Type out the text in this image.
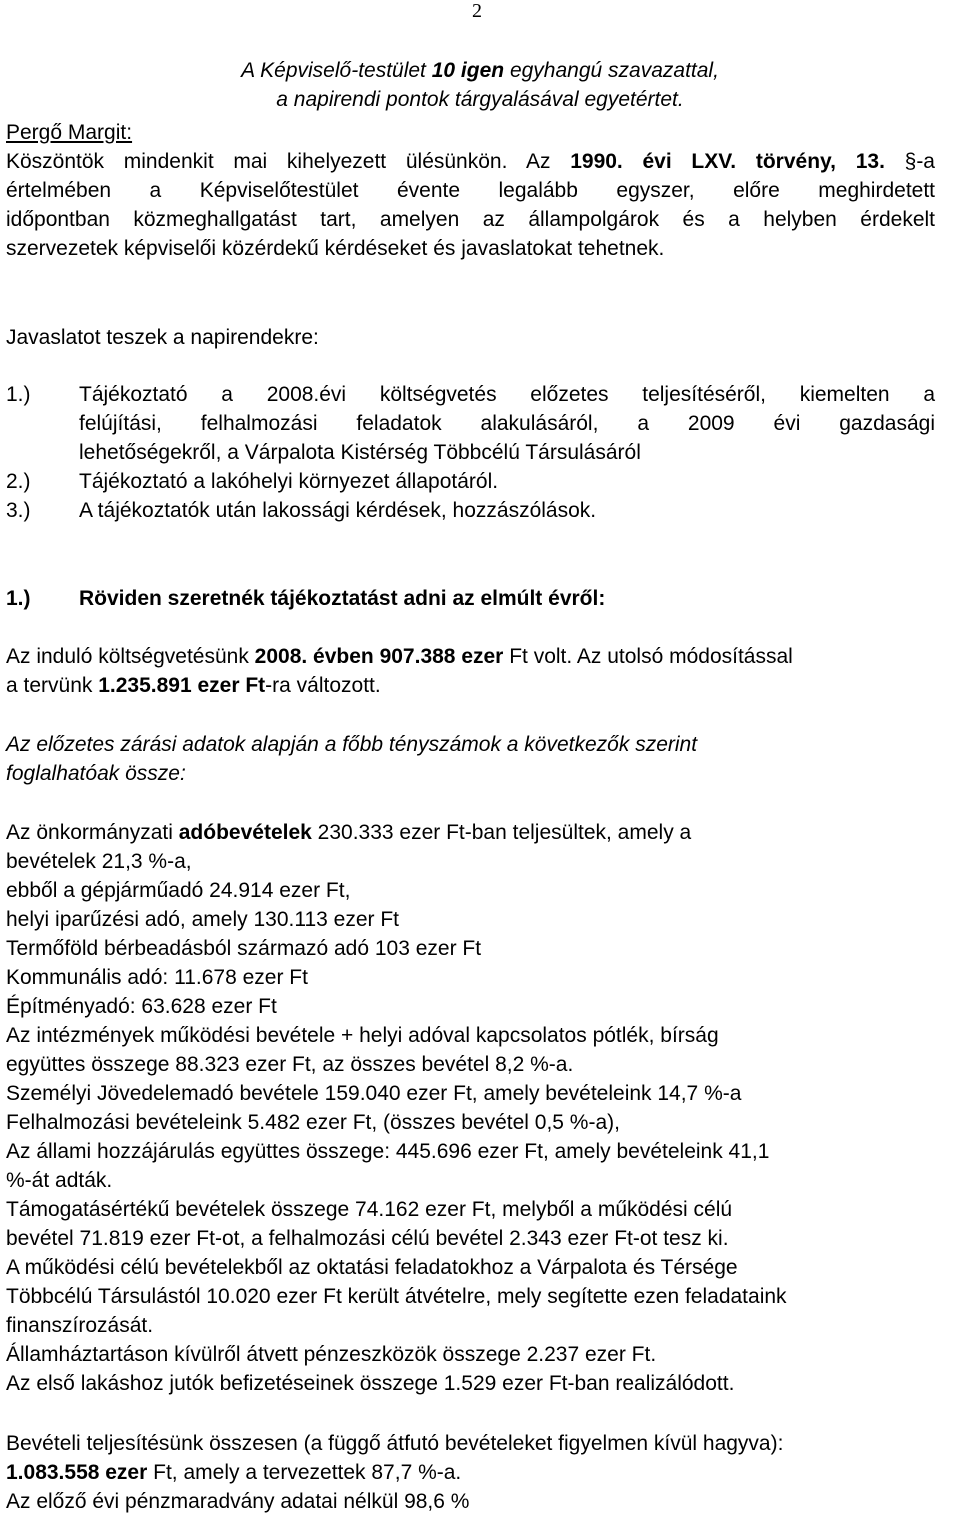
2
A Képviselő-testület 10 igen egyhangú szavazattal,
a napirendi pontok tárgyalásával egyetértet.
Pergő Margit:
Köszöntök mindenkit mai kihelyezett ülésünkön. Az 1990. évi LXV. törvény, 13. §-a
értelmében a Képviselőtestület évente legalább egyszer, előre meghirdetett
időpontban közmeghallgatást tart, amelyen az állampolgárok és a helyben érdekelt
szervezetek képviselői közérdekű kérdéseket és javaslatokat tehetnek.
Javaslatot teszek a napirendekre:
1.) Tájékoztató a 2008.évi költségvetés előzetes teljesítéséről, kiemelten a
felújítási, felhalmozási feladatok alakulásáról, a 2009 évi gazdasági
lehetőségekről, a Várpalota Kistérség Többcélú Társulásáról
2.) Tájékoztató a lakóhelyi környezet állapotáról.
3.) A tájékoztatók után lakossági kérdések, hozzászólások.
1.) Röviden szeretnék tájékoztatást adni az elmúlt évről:
Az induló költségvetésünk 2008. évben 907.388 ezer Ft volt. Az utolsó módosítással
a tervünk 1.235.891 ezer Ft-ra változott.
Az előzetes zárási adatok alapján a főbb tényszámok a következők szerint
foglalhatóak össze:
Az önkormányzati adóbevételek 230.333 ezer Ft-ban teljesültek, amely a
bevételek 21,3 %-a,
ebből a gépjárműadó 24.914 ezer Ft,
helyi iparűzési adó, amely 130.113 ezer Ft
Termőföld bérbeadásból származó adó 103 ezer Ft
Kommunális adó: 11.678 ezer Ft
Építményadó: 63.628 ezer Ft
Az intézmények működési bevétele + helyi adóval kapcsolatos pótlék, bírság
együttes összege 88.323 ezer Ft, az összes bevétel 8,2 %-a.
Személyi Jövedelemadó bevétele 159.040 ezer Ft, amely bevételeink 14,7 %-a
Felhalmozási bevételeink 5.482 ezer Ft, (összes bevétel 0,5 %-a),
Az állami hozzájárulás együttes összege: 445.696 ezer Ft, amely bevételeink 41,1
%-át adták.
Támogatásértékű bevételek összege 74.162 ezer Ft, melyből a működési célú
bevétel 71.819 ezer Ft-ot, a felhalmozási célú bevétel 2.343 ezer Ft-ot tesz ki.
A működési célú bevételekből az oktatási feladatokhoz a Várpalota és Térsége
Többcélú Társulástól 10.020 ezer Ft került átvételre, mely segítette ezen feladataink
finanszírozását.
Államháztartáson kívülről átvett pénzeszközök összege 2.237 ezer Ft.
Az első lakáshoz jutók befizetéseinek összege 1.529 ezer Ft-ban realizálódott.
Bevételi teljesítésünk összesen (a függő átfutó bevételeket figyelmen kívül hagyva):
1.083.558 ezer Ft, amely a tervezettek 87,7 %-a.
Az előző évi pénzmaradvány adatai nélkül 98,6 %
